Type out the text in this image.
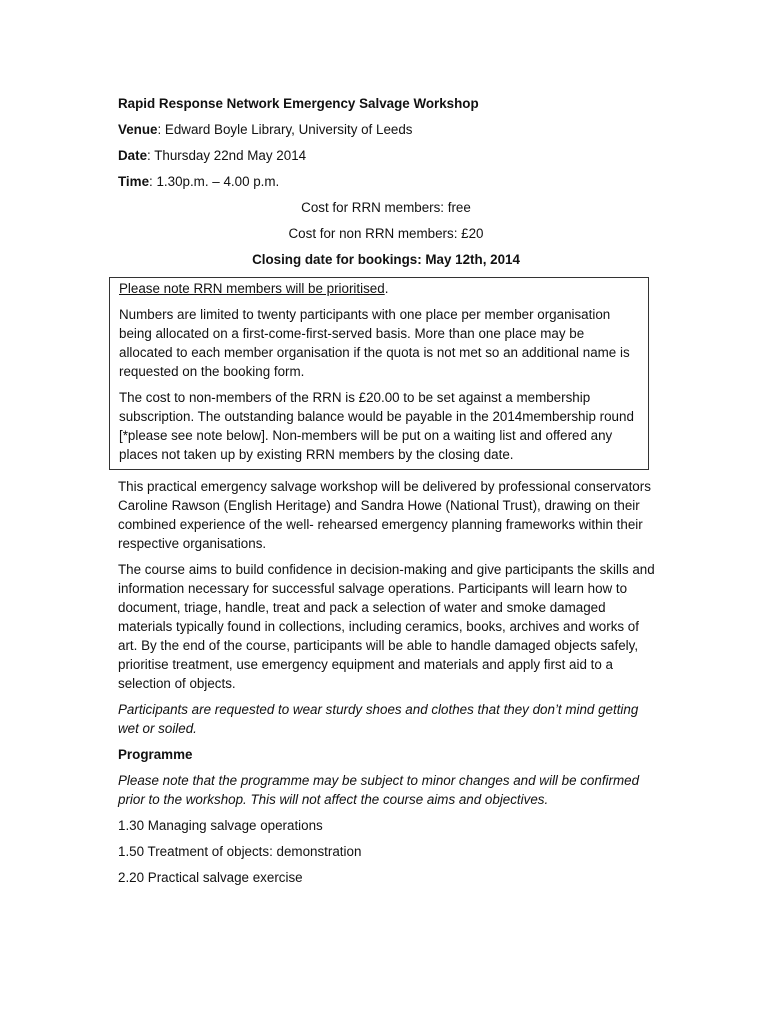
Rapid Response Network Emergency Salvage Workshop

Venue: Edward Boyle Library, University of Leeds

Date: Thursday 22nd May 2014

Time: 1.30p.m. – 4.00 p.m.

Cost for RRN members: free

Cost for non RRN members: £20

Closing date for bookings: May 12th, 2014

Please note RRN members will be prioritised.

Numbers are limited to twenty participants with one place per member organisation being allocated on a first-come-first-served basis. More than one place may be allocated to each member organisation if the quota is not met so an additional name is requested on the booking form.

The cost to non-members of the RRN is £20.00 to be set against a membership subscription. The outstanding balance would be payable in the 2014membership round [*please see note below]. Non-members will be put on a waiting list and offered any places not taken up by existing RRN members by the closing date.

This practical emergency salvage workshop will be delivered by professional conservators Caroline Rawson (English Heritage) and Sandra Howe (National Trust), drawing on their combined experience of the well- rehearsed emergency planning frameworks within their respective organisations.

The course aims to build confidence in decision-making and give participants the skills and information necessary for successful salvage operations. Participants will learn how to document, triage, handle, treat and pack a selection of water and smoke damaged materials typically found in collections, including ceramics, books, archives and works of art. By the end of the course, participants will be able to handle damaged objects safely, prioritise treatment, use emergency equipment and materials and apply first aid to a selection of objects.

Participants are requested to wear sturdy shoes and clothes that they don’t mind getting wet or soiled.

Programme

Please note that the programme may be subject to minor changes and will be confirmed prior to the workshop. This will not affect the course aims and objectives.

1.30 Managing salvage operations

1.50 Treatment of objects: demonstration

2.20 Practical salvage exercise
